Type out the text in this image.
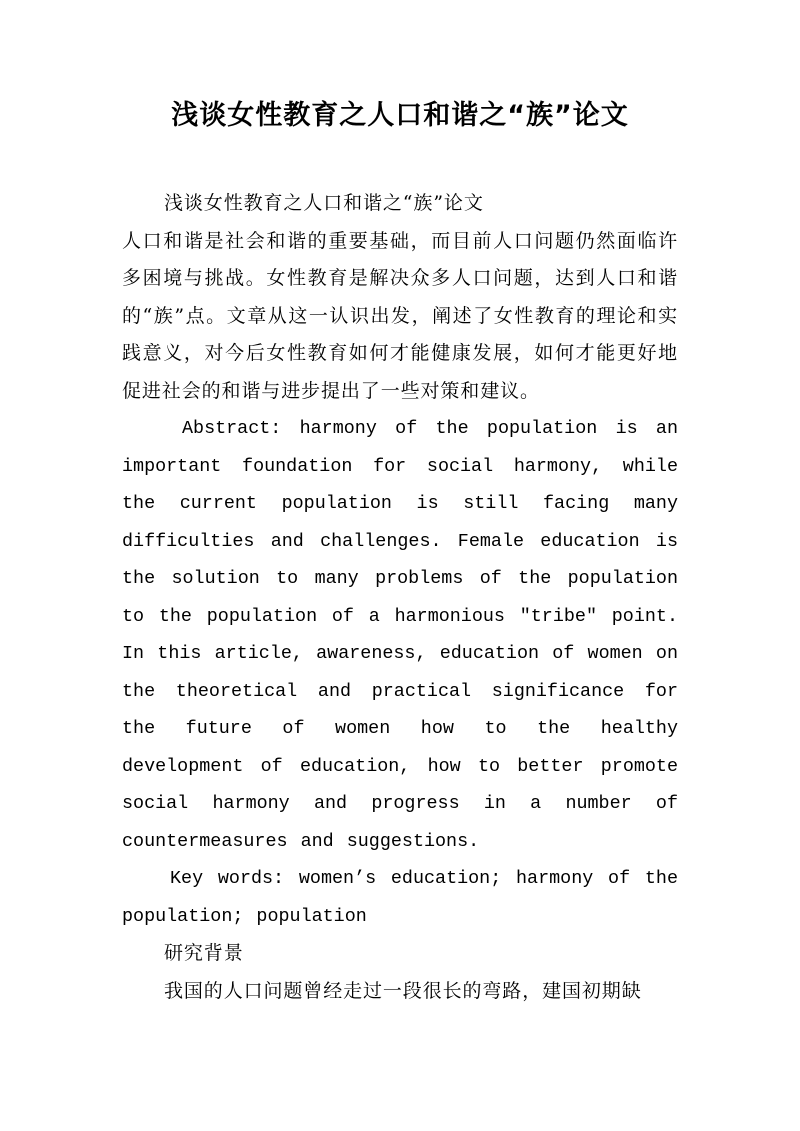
浅谈女性教育之人口和谐之“族”论文

浅谈女性教育之人口和谐之“族”论文

人口和谐是社会和谐的重要基础，而目前人口问题仍然面临许多困境与挑战。女性教育是解决众多人口问题，达到人口和谐的“族”点。文章从这一认识出发，阐述了女性教育的理论和实践意义，对今后女性教育如何才能健康发展，如何才能更好地促进社会的和谐与进步提出了一些对策和建议。

Abstract: harmony of the population is an important foundation for social harmony, while the current population is still facing many difficulties and challenges. Female education is the solution to many problems of the population to the population of a harmonious "tribe" point. In this article, awareness, education of women on the theoretical and practical significance for the future of women how to the healthy development of education, how to better promote social harmony and progress in a number of countermeasures and suggestions.

Key words: women’s education; harmony of the population; population

研究背景

我国的人口问题曾经走过一段很长的弯路，建国初期缺
